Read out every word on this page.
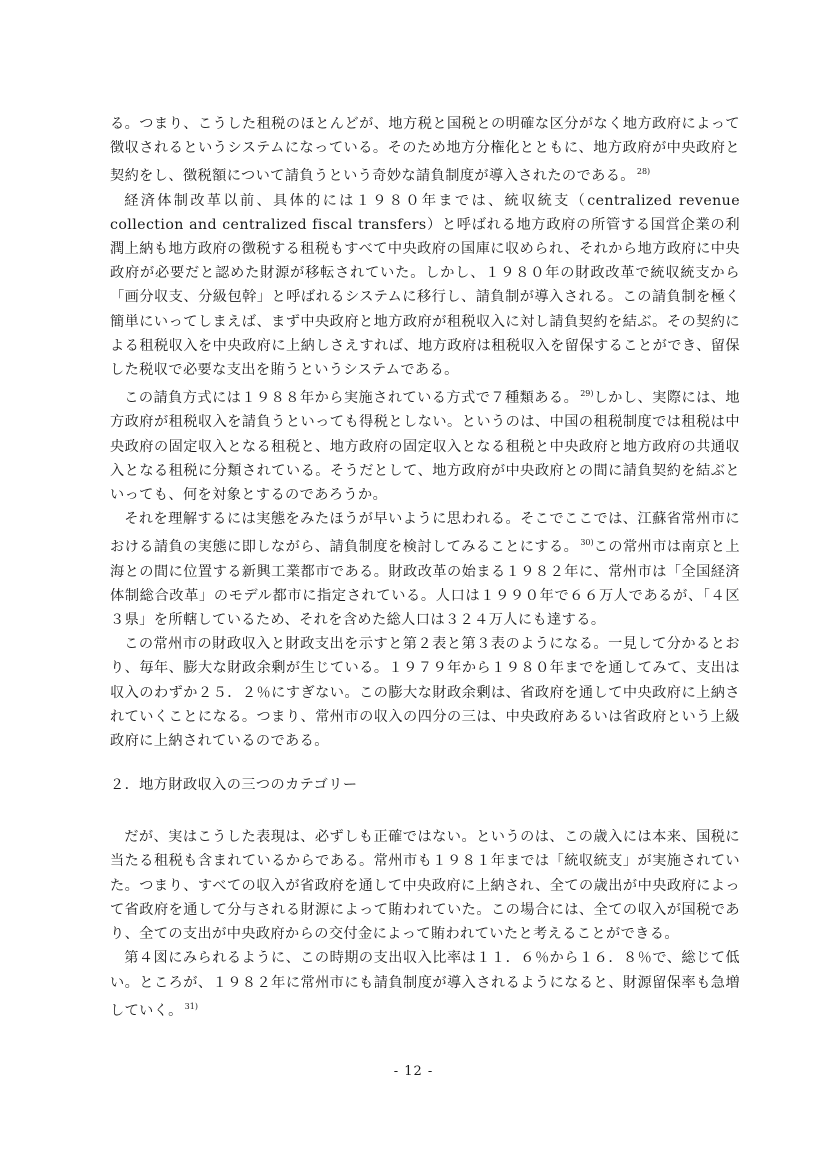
る。つまり、こうした租税のほとんどが、地方税と国税との明確な区分がなく地方政府によって徴収されるというシステムになっている。そのため地方分権化とともに、地方政府が中央政府と契約をし、徴税額について請負うという奇妙な請負制度が導入されたのである。 $^{28)}$

経済体制改革以前、具体的には１９８０年までは、統収統支（centralized revenue collection and centralized fiscal transfers）と呼ばれる地方政府の所管する国営企業の利潤上納も地方政府の徴税する租税もすべて中央政府の国庫に収められ、それから地方政府に中央政府が必要だと認めた財源が移転されていた。しかし、１９８０年の財政改革で統収統支から「画分収支、分級包幹」と呼ばれるシステムに移行し、請負制が導入される。この請負制を極く簡単にいってしまえば、まず中央政府と地方政府が租税収入に対し請負契約を結ぶ。その契約による租税収入を中央政府に上納しさえすれば、地方政府は租税収入を留保することができ、留保した税収で必要な支出を賄うというシステムである。

この請負方式には１９８８年から実施されている方式で７種類ある。 $^{29)}$しかし、実際には、地方政府が租税収入を請負うといっても得税としない。というのは、中国の租税制度では租税は中央政府の固定収入となる租税と、地方政府の固定収入となる租税と中央政府と地方政府の共通収入となる租税に分類されている。そうだとして、地方政府が中央政府との間に請負契約を結ぶといっても、何を対象とするのであろうか。

それを理解するには実態をみたほうが早いように思われる。そこでここでは、江蘇省常州市における請負の実態に即しながら、請負制度を検討してみることにする。 $^{30)}$この常州市は南京と上海との間に位置する新興工業都市である。財政改革の始まる１９８２年に、常州市は「全国経済体制総合改革」のモデル都市に指定されている。人口は１９９０年で６６万人であるが、「４区３県」を所轄しているため、それを含めた総人口は３２４万人にも達する。

この常州市の財政収入と財政支出を示すと第２表と第３表のようになる。一見して分かるとおり、毎年、膨大な財政余剰が生じている。１９７９年から１９８０年までを通してみて、支出は収入のわずか２５．２％にすぎない。この膨大な財政余剰は、省政府を通して中央政府に上納されていくことになる。つまり、常州市の収入の四分の三は、中央政府あるいは省政府という上級政府に上納されているのである。

２．地方財政収入の三つのカテゴリー

だが、実はこうした表現は、必ずしも正確ではない。というのは、この歳入には本来、国税に当たる租税も含まれているからである。常州市も１９８１年までは「統収統支」が実施されていた。つまり、すべての収入が省政府を通して中央政府に上納され、全ての歳出が中央政府によって省政府を通して分与される財源によって賄われていた。この場合には、全ての収入が国税であり、全ての支出が中央政府からの交付金によって賄われていたと考えることができる。

第４図にみられるように、この時期の支出収入比率は１１．６％から１６．８％で、総じて低い。ところが、１９８２年に常州市にも請負制度が導入されるようになると、財源留保率も急増していく。 $^{31)}$

- 12 -
